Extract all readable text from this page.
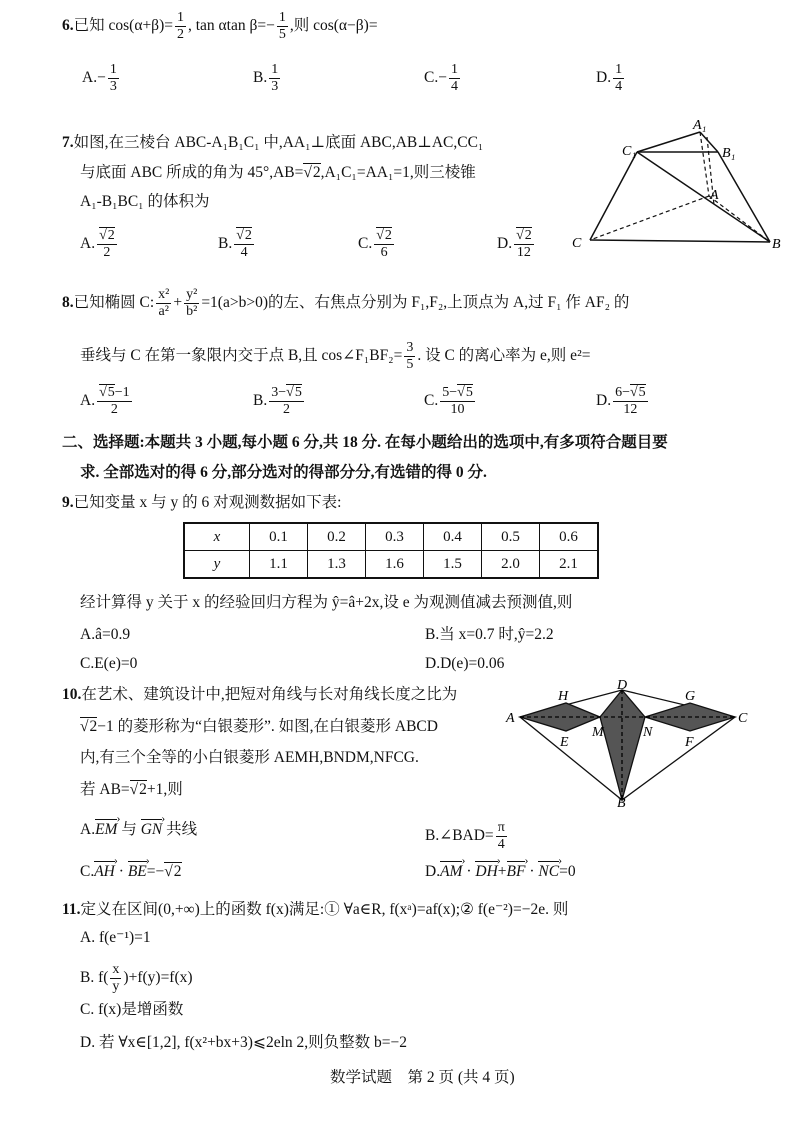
6.已知 $\cos(\alpha+\beta)= \frac{1}{2}$ , tan αtan $\beta=- \frac{1}{5}$ ,则 cos(α−β)=
$A.- \frac{1}{3}$	B. $\frac{1}{3}$	$C.- \frac{1}{4}$	D. $\frac{1}{4}$
7.如图,在三棱台 ABC-A₁B₁C₁ 中,AA₁⊥底面 ABC,AB⊥AC,CC₁
与底面 ABC 所成的角为 45°,AB= √ 2,A₁C₁=AA₁=1,则三棱锥
A₁-B₁BC₁ 的体积为
A. √ $\frac{2}{2}$	B. √ $\frac{2}{4}$	C. √ $\frac{2}{6}$	D. √ $\frac{2}{12}$
A₁
C₁	B₁
A
C	B
8.已知椭圆 C: $\frac{\text{x²}}{\text{a²}} + \frac{\text{y²}}{\text{b²}} =1(a>b>0)$的左、右焦点分别为 F₁,F₂,上顶点为 A,过 F₁ 作 AF₂ 的
垂线与 C 在第一象限内交于点 B,且 cos∠F₁BF₂= $\frac{3}{5}$ . 设 C 的离心率为 e,则 e²=
A. √ $\frac{5-1}{2}$	B. $\frac{3- √ 5}{2}$	C. $\frac{5- √ 5}{10}$	D. $\frac{6- √ 5}{12}$
二、选择题:本题共 3 小题,每小题 6 分,共 18 分. 在每小题给出的选项中,有多项符合题目要
求. 全部选对的得 6 分,部分选对的得部分分,有选错的得 0 分.
9.已知变量 x 与 y 的 6 对观测数据如下表:
x	0.1	0.2	0.3	0.4	0.5	0.6
y	1.1	1.3	1.6	1.5	2.0	2.1
经计算得 y 关于 x 的经验回归方程为 ŷ=â+2x,设 e 为观测值减去预测值,则
A.â=0.9	B.当 x=0.7 时,ŷ=2.2
C.E(e)=0	D.D(e)=0.06
10.在艺术、建筑设计中,把短对角线与长对角线长度之比为
√ 2−1 的菱形称为“白银菱形”. 如图,在白银菱形 ABCD
内,有三个全等的小白银菱形 AEMH,BNDM,NFCG.
若 AB= √ 2+1,则
A
B
C
D
E	F
G
H
M	N
A.› EM 与 › GN 共线	B.∠BAD= $\frac{\pi}{4}$
C.› AH · › BE=− √ 2	D.› AM · › DH+› BF · › NC=0
11.定义在区间(0,+∞)上的函数 f(x)满足:① ∀a∈R, f(xᵃ)=af(x);② f(e⁻²)=−2e. 则
A. f(e⁻¹)=1
B. $f( \frac{x}{y} )+f(y)=f(x)$
C. f(x)是增函数
D. 若 ∀x∈[1,2], f(x²+bx+3)⩽2eln 2,则负整数 b=−2
数学试题　第 2 页 (共 4 页)
